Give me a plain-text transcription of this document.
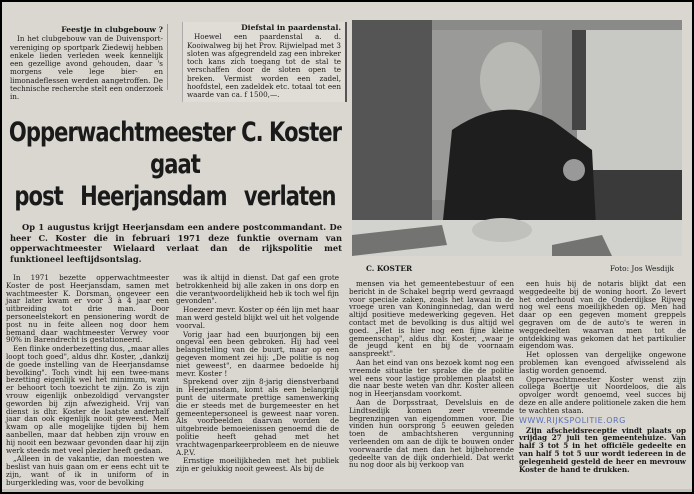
Feestje in clubgebouw ?

In het clubgebouw van de Duivensport-vereniging op sportpark Ziedewij hebben enkele lieden verleden week kennelijk een gezellige avond gehouden, daar 's morgens vele lege bier- en limonadeflessen werden aangetroffen. De technische recherche stelt een onderzoek in.

Diefstal in paardenstal.

Hoewel een paardenstal a. d. Kooiwalweg bij het Prov. Rijwielpad met 3 sloten was afgegrendeld zag een inbreker toch kans zich toegang tot de stal te verschaffen door de sloten open te breken. Vermist worden een zadel, hoofdstel, een zadeldek etc. totaal tot een waarde van ca. f 1500,—.

Opperwachtmeester C. Koster gaat
post Heerjansdam verlaten

Op 1 augustus krijgt Heerjansdam een andere postcommandant. De heer C. Koster die in februari 1971 deze funktie overnam van opperwachtmeester Wielaard verlaat dan de rijkspolitie met funktioneel leeftijdsontslag.

C. KOSTER	Foto: Jos Wesdijk

In 1971 bezette opperwachtmeester Koster de post Heerjansdam, samen met wachtmeester K. Dorsman, ongeveer een jaar later kwam er voor 3 à 4 jaar een uitbreiding tot drie man. Door personeelstekort en pensionering wordt de post nu in feite alleen nog door hem bemand daar wachtmeester Verwey voor 90% in Barendrecht is gestationeerd.

Een flinke onderbezetting dus, „maar alles loopt toch goed", aldus dhr. Koster, „dankzij de goede instelling van de Heerjansdamse bevolking". Toch vindt hij een twee-mans bezetting eigenlijk wel het minimum, want er behoort toch toezicht te zijn. Zo is zijn vrouw eigenlijk onbezoldigd vervangster geworden bij zijn afwezigheid. Vrij van dienst is dhr. Koster de laatste anderhalf jaar dan ook eigenlijk nooit geweest. Men kwam op alle mogelijke tijden bij hem aanbellen, maar dat hebben zijn vrouw en hij nooit een bezwaar gevonden daar hij zijn werk steeds met veel plezier heeft gedaan.

„Alleen in de vakantie, dan moesten we beslist van huis gaan om er eens echt uit te zijn, want of ik in uniform of in burgerkleding was, voor de bevolking

was ik altijd in dienst. Dat gaf een grote betrokkenheid bij alle zaken in ons dorp en die verantwoordelijkheid heb ik toch wel fijn gevonden".

Hoezeer mevr. Koster op één lijn met haar man werd gesteld blijkt wel uit het volgende voorval.

Vorig jaar had een buurjongen bij een ongeval een been gebroken. Hij had veel belangstelling van de buurt, maar op een gegeven moment zei hij: „De politie is nog niet geweest", en daarmee bedoelde hij mevr. Koster !

Sprekend over zijn 8-jarig dienstverband in Heerjansdam, komt als een belangrijk punt de uitermate prettige samenwerking die er steeds met de burgemeester en het gemeentepersoneel is geweest naar voren. Als voorbeelden daarvan worden de uitgebreide bemoeienissen genoemd die de politie heeft gehad met het vrachtwagenparkeerprobleem en de nieuwe A.P.V.

Ernstige moeilijkheden met het publiek zijn er gelukkig nooit geweest. Als bij de

mensen via het gemeentebestuur of een bericht in de Schakel begrip werd gevraagd voor speciale zaken, zoals het lawaai in de vroege uren van Koninginnedag, dan werd altijd positieve medewerking gegeven. Het contact met de bevolking is dus altijd wel goed. „Het is hier nog een fijne kleine gemeenschap", aldus dhr. Koster, „waar je de jeugd kent en bij de voornaam aanspreekt".

Aan het eind van ons bezoek komt nog een vreemde situatie ter sprake die de politie wel eens voor lastige problemen plaatst en die naar beste weten van dhr. Koster alleen nog in Heerjansdam voorkomt.

Aan de Dorpsstraat, Develsluis en de Lindtsedijk komen zeer vreemde begrenzingen van eigendommen voor. Die vinden hun oorsprong 5 eeuwen geleden toen de ambachtsheren vergunning verleenden om aan de dijk te bouwen onder voorwaarde dat men dan het bijbehorende gedeelte van de dijk onderhield. Dat werkt nu nog door als bij verkoop van

een huis bij de notaris blijkt dat een weggedeelte bij de woning hoort. Zo levert het onderhoud van de Onderdijkse Rijweg nog wel eens moeilijkheden op. Men had daar op een gegeven moment greppels gegraven om de de auto's te weren in weggedeelten waarvan men tot de ontdekking was gekomen dat het partikulier eigendom was.

Het oplossen van dergelijke ongewone problemen kan evengoed afwisselend als lastig worden genoemd.

Opperwachtmeester Koster wenst zijn collega Boertje uit Noordeloos, die als opvolger wordt genoemd, veel succes bij deze en alle andere politionele zaken die hem te wachten staan.

WWW.RIJKSPOLITIE.ORG

Zijn afscheidsreceptie vindt plaats op vrijdag 27 juli ten gemeentehuize. Van half 3 tot 5 in het officiële gedeelte en van half 5 tot 5 uur wordt iedereen in de gelegenheid gesteld de heer en mevrouw Koster de hand te drukken.
